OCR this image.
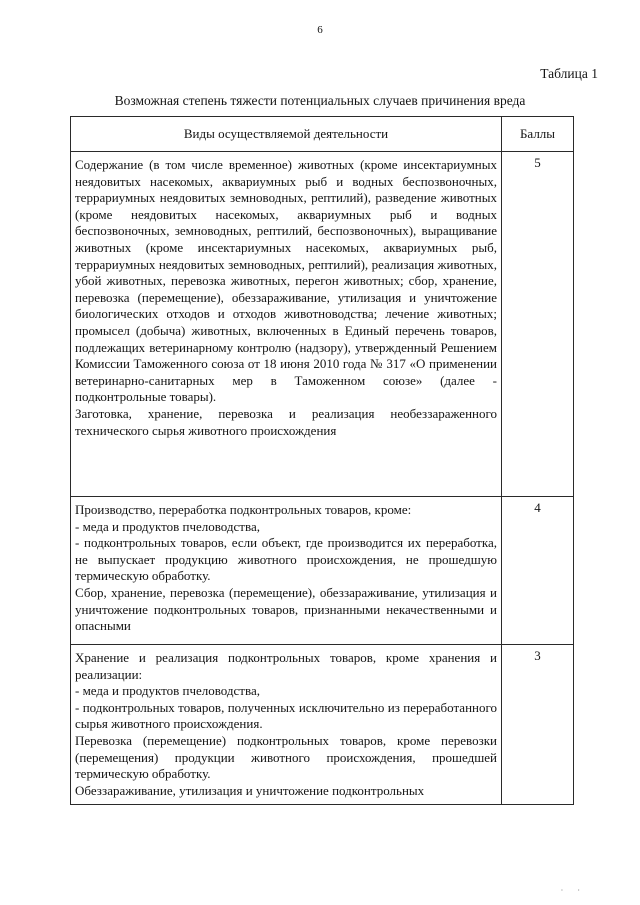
6
Таблица 1
Возможная степень тяжести потенциальных случаев причинения вреда
Виды осуществляемой деятельности	Баллы

Содержание (в том числе временное) животных (кроме инсектариумных неядовитых насекомых, аквариумных рыб и водных беспозвоночных, террариумных неядовитых земноводных, рептилий), разведение животных (кроме неядовитых насекомых, аквариумных рыб и водных беспозвоночных, земноводных, рептилий, беспозвоночных), выращивание животных (кроме инсектариумных насекомых, аквариумных рыб, террариумных неядовитых земноводных, рептилий), реализация животных, убой животных, перевозка животных, перегон животных; сбор, хранение, перевозка (перемещение), обеззараживание, утилизация и уничтожение биологических отходов и отходов животноводства; лечение животных; промысел (добыча) животных, включенных в Единый перечень товаров, подлежащих ветеринарному контролю (надзору), утвержденный Решением Комиссии Таможенного союза от 18 июня 2010 года № 317 «О применении ветеринарно-санитарных мер в Таможенном союзе» (далее - подконтрольные товары).

Заготовка, хранение, перевозка и реализация необеззараженного технического сырья животного происхождения	5

Производство, переработка подконтрольных товаров, кроме:

- меда и продуктов пчеловодства,

- подконтрольных товаров, если объект, где производится их переработка, не выпускает продукцию животного происхождения, не прошедшую термическую обработку.

Сбор, хранение, перевозка (перемещение), обеззараживание, утилизация и уничтожение подконтрольных товаров, признанными некачественными и опасными	4

Хранение и реализация подконтрольных товаров, кроме хранения и реализации:

- меда и продуктов пчеловодства,

- подконтрольных товаров, полученных исключительно из переработанного сырья животного происхождения.

Перевозка (перемещение) подконтрольных товаров, кроме перевозки (перемещения) продукции животного происхождения, прошедшей термическую обработку.

Обеззараживание, утилизация и уничтожение подконтрольных	3
· ·
